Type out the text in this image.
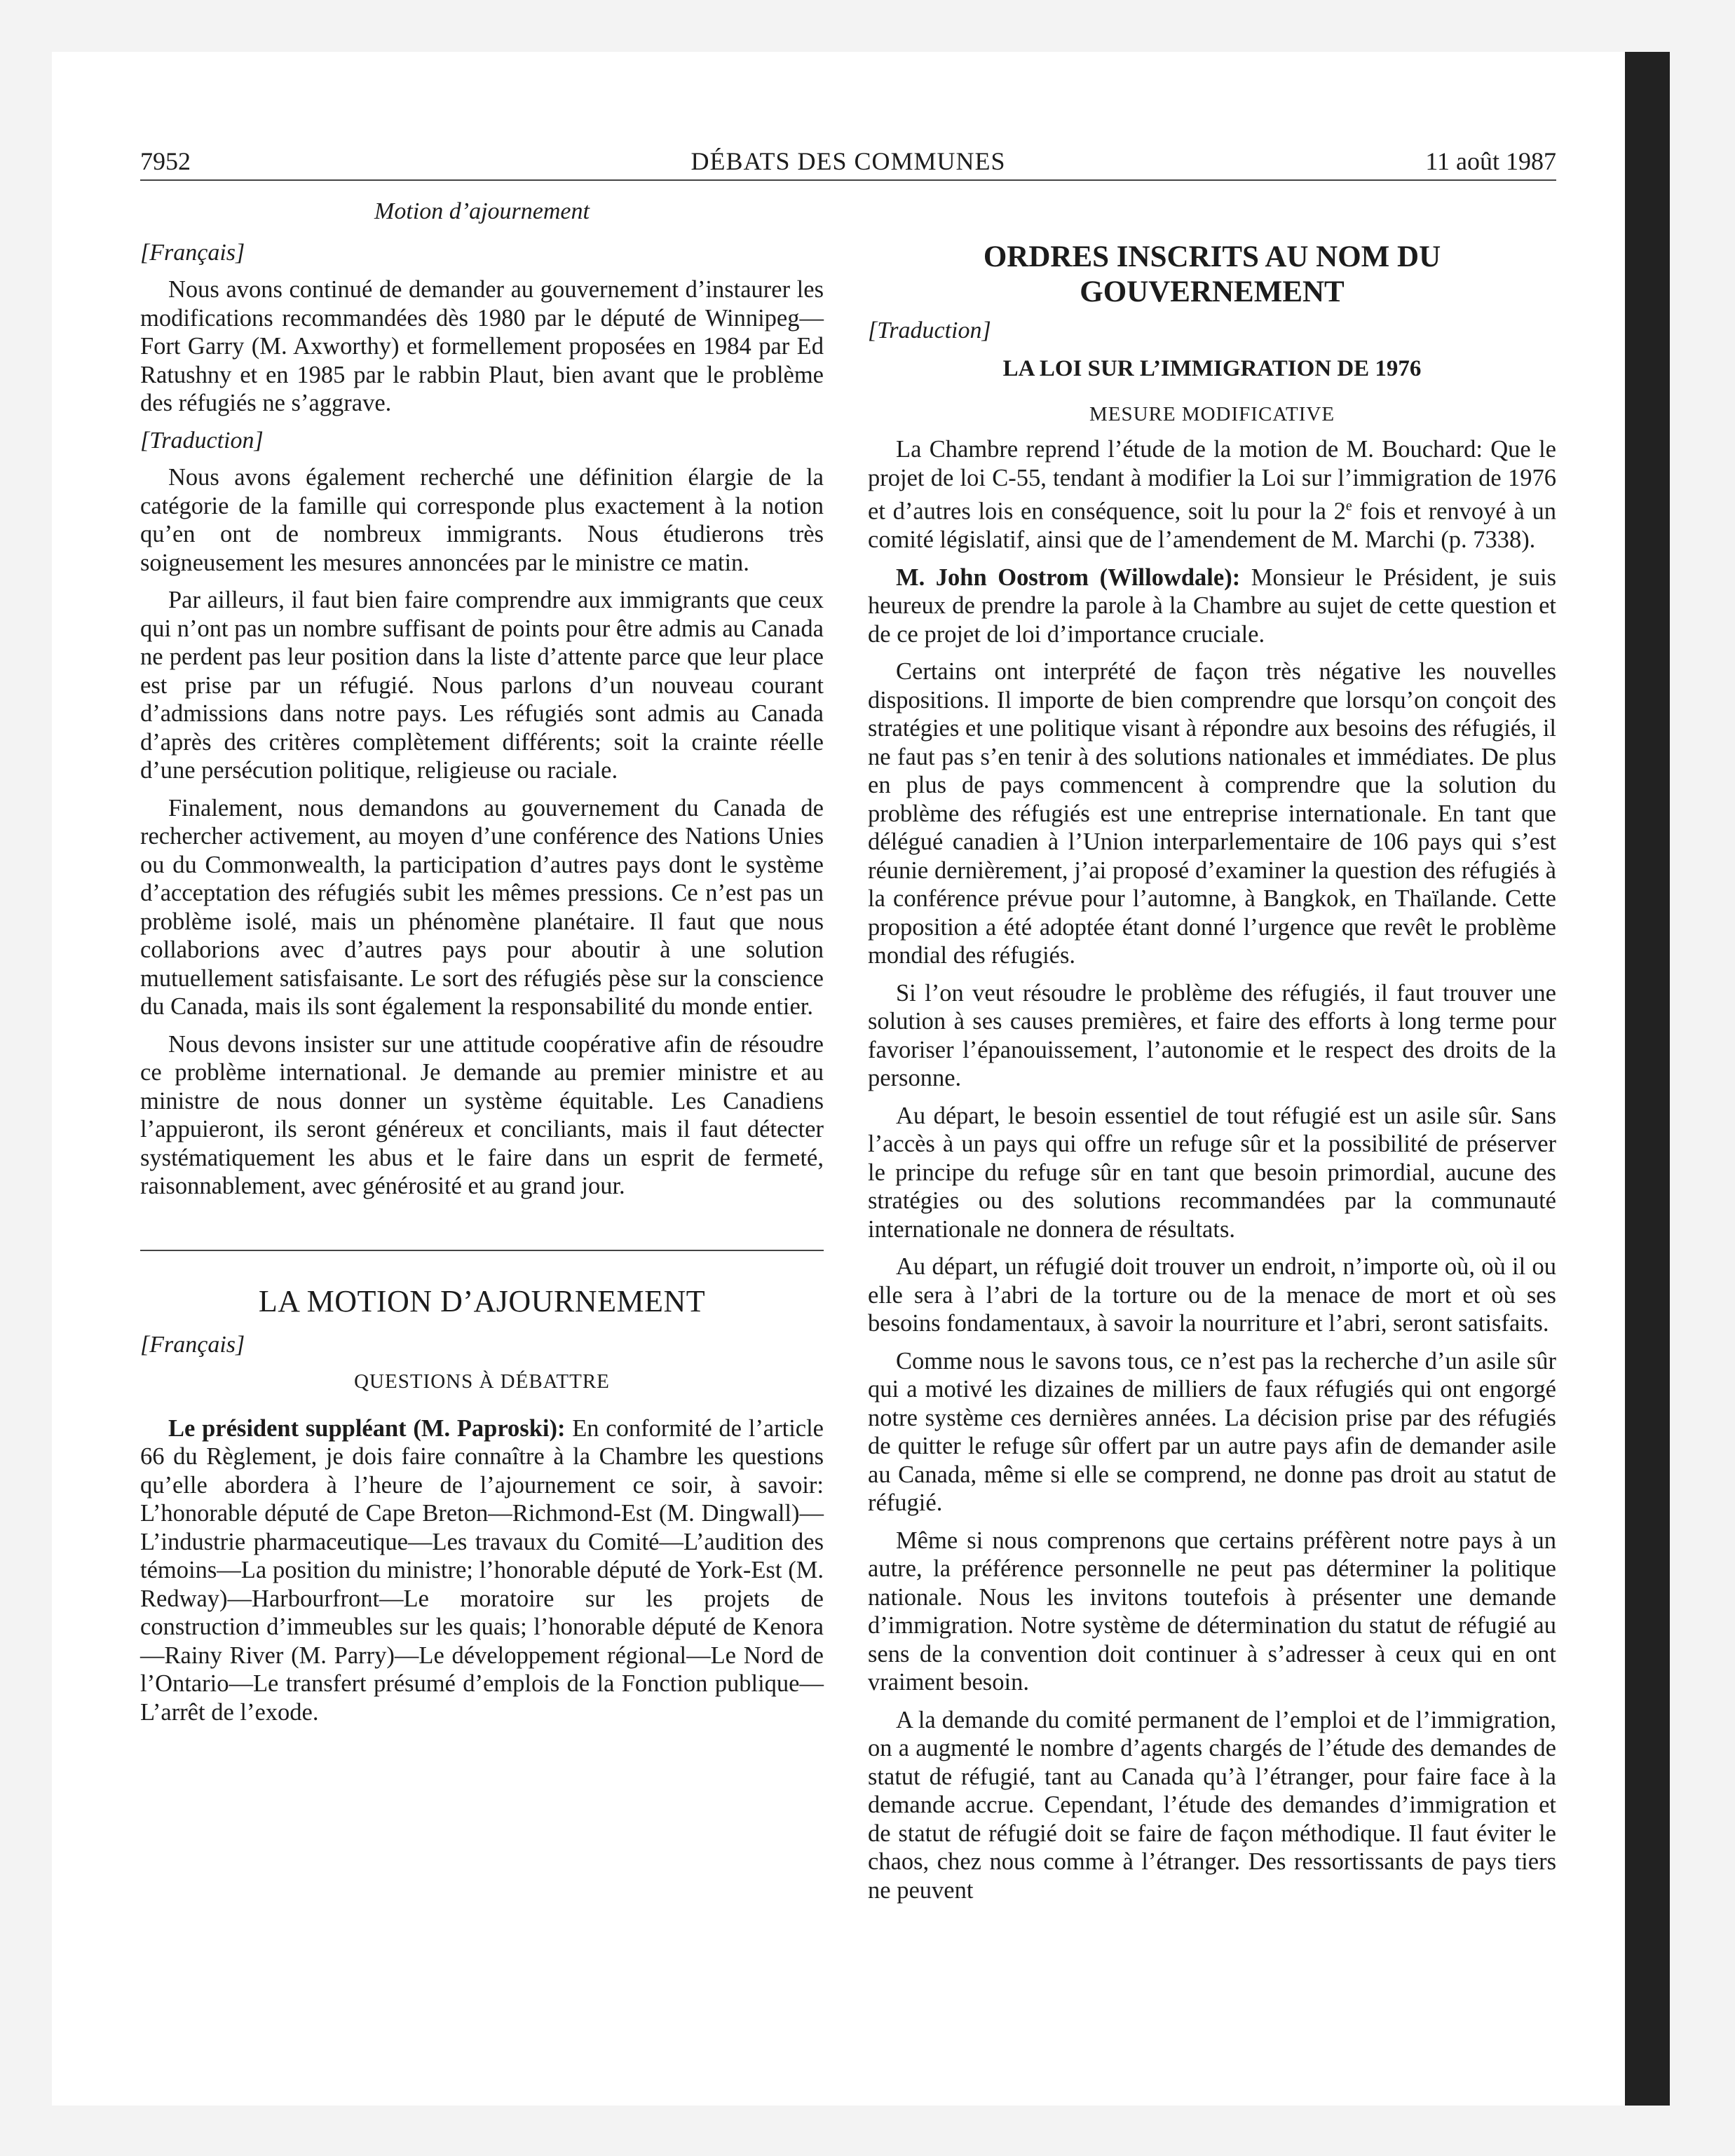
7952	DÉBATS DES COMMUNES	11 août 1987
Motion d’ajournement
[Français]

Nous avons continué de demander au gouvernement d’instaurer les modifications recommandées dès 1980 par le député de Winnipeg—Fort Garry (M. Axworthy) et formellement proposées en 1984 par Ed Ratushny et en 1985 par le rabbin Plaut, bien avant que le problème des réfugiés ne s’aggrave.

[Traduction]

Nous avons également recherché une définition élargie de la catégorie de la famille qui corresponde plus exactement à la notion qu’en ont de nombreux immigrants. Nous étudierons très soigneusement les mesures annoncées par le ministre ce matin.

Par ailleurs, il faut bien faire comprendre aux immigrants que ceux qui n’ont pas un nombre suffisant de points pour être admis au Canada ne perdent pas leur position dans la liste d’attente parce que leur place est prise par un réfugié. Nous parlons d’un nouveau courant d’admissions dans notre pays. Les réfugiés sont admis au Canada d’après des critères complètement différents; soit la crainte réelle d’une persécution politique, religieuse ou raciale.

Finalement, nous demandons au gouvernement du Canada de rechercher activement, au moyen d’une conférence des Nations Unies ou du Commonwealth, la participation d’autres pays dont le système d’acceptation des réfugiés subit les mêmes pressions. Ce n’est pas un problème isolé, mais un phénomène planétaire. Il faut que nous collaborions avec d’autres pays pour aboutir à une solution mutuellement satisfaisante. Le sort des réfugiés pèse sur la conscience du Canada, mais ils sont également la responsabilité du monde entier.

Nous devons insister sur une attitude coopérative afin de résoudre ce problème international. Je demande au premier ministre et au ministre de nous donner un système équitable. Les Canadiens l’appuieront, ils seront généreux et conciliants, mais il faut détecter systématiquement les abus et le faire dans un esprit de fermeté, raisonnablement, avec générosité et au grand jour.

LA MOTION D’AJOURNEMENT
[Français]
QUESTIONS À DÉBATTRE

Le président suppléant (M. Paproski): En conformité de l’article 66 du Règlement, je dois faire connaître à la Chambre les questions qu’elle abordera à l’heure de l’ajournement ce soir, à savoir: L’honorable député de Cape Breton—Richmond-Est (M. Dingwall)—L’industrie pharmaceutique—Les travaux du Comité—L’audition des témoins—La position du ministre; l’honorable député de York-Est (M. Redway)—Harbourfront—Le moratoire sur les projets de construction d’immeubles sur les quais; l’honorable député de Kenora—Rainy River (M. Parry)—Le développement régional—Le Nord de l’Ontario—Le transfert présumé d’emplois de la Fonction publique—L’arrêt de l’exode.

ORDRES INSCRITS AU NOM DU GOUVERNEMENT
[Traduction]
LA LOI SUR L’IMMIGRATION DE 1976
MESURE MODIFICATIVE

La Chambre reprend l’étude de la motion de M. Bouchard: Que le projet de loi C-55, tendant à modifier la Loi sur l’immigration de 1976 et d’autres lois en conséquence, soit lu pour la 2e fois et renvoyé à un comité législatif, ainsi que de l’amendement de M. Marchi (p. 7338).

M. John Oostrom (Willowdale): Monsieur le Président, je suis heureux de prendre la parole à la Chambre au sujet de cette question et de ce projet de loi d’importance cruciale.

Certains ont interprété de façon très négative les nouvelles dispositions. Il importe de bien comprendre que lorsqu’on conçoit des stratégies et une politique visant à répondre aux besoins des réfugiés, il ne faut pas s’en tenir à des solutions nationales et immédiates. De plus en plus de pays commencent à comprendre que la solution du problème des réfugiés est une entreprise internationale. En tant que délégué canadien à l’Union interparlementaire de 106 pays qui s’est réunie dernièrement, j’ai proposé d’examiner la question des réfugiés à la conférence prévue pour l’automne, à Bangkok, en Thaïlande. Cette proposition a été adoptée étant donné l’urgence que revêt le problème mondial des réfugiés.

Si l’on veut résoudre le problème des réfugiés, il faut trouver une solution à ses causes premières, et faire des efforts à long terme pour favoriser l’épanouissement, l’autonomie et le respect des droits de la personne.

Au départ, le besoin essentiel de tout réfugié est un asile sûr. Sans l’accès à un pays qui offre un refuge sûr et la possibilité de préserver le principe du refuge sûr en tant que besoin primordial, aucune des stratégies ou des solutions recommandées par la communauté internationale ne donnera de résultats.

Au départ, un réfugié doit trouver un endroit, n’importe où, où il ou elle sera à l’abri de la torture ou de la menace de mort et où ses besoins fondamentaux, à savoir la nourriture et l’abri, seront satisfaits.

Comme nous le savons tous, ce n’est pas la recherche d’un asile sûr qui a motivé les dizaines de milliers de faux réfugiés qui ont engorgé notre système ces dernières années. La décision prise par des réfugiés de quitter le refuge sûr offert par un autre pays afin de demander asile au Canada, même si elle se comprend, ne donne pas droit au statut de réfugié.

Même si nous comprenons que certains préfèrent notre pays à un autre, la préférence personnelle ne peut pas déterminer la politique nationale. Nous les invitons toutefois à présenter une demande d’immigration. Notre système de détermination du statut de réfugié au sens de la convention doit continuer à s’adresser à ceux qui en ont vraiment besoin.

A la demande du comité permanent de l’emploi et de l’immigration, on a augmenté le nombre d’agents chargés de l’étude des demandes de statut de réfugié, tant au Canada qu’à l’étranger, pour faire face à la demande accrue. Cependant, l’étude des demandes d’immigration et de statut de réfugié doit se faire de façon méthodique. Il faut éviter le chaos, chez nous comme à l’étranger. Des ressortissants de pays tiers ne peuvent
